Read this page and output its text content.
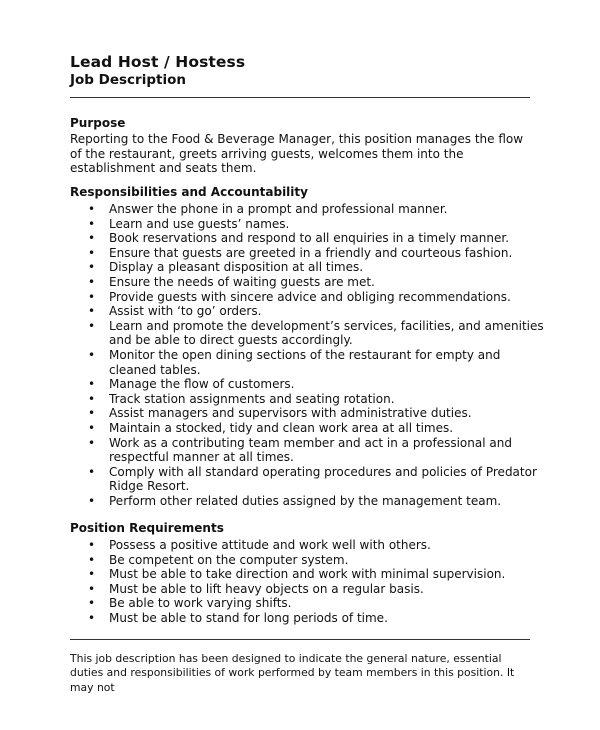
Lead Host / Hostess
Job Description
Purpose
Reporting to the Food & Beverage Manager, this position manages the flow of the restaurant, greets arriving guests, welcomes them into the establishment and seats them.
Responsibilities and Accountability
• Answer the phone in a prompt and professional manner.
• Learn and use guests’ names.
• Book reservations and respond to all enquiries in a timely manner.
• Ensure that guests are greeted in a friendly and courteous fashion.
• Display a pleasant disposition at all times.
• Ensure the needs of waiting guests are met.
• Provide guests with sincere advice and obliging recommendations.
• Assist with ‘to go’ orders.
• Learn and promote the development’s services, facilities, and amenities and be able to direct guests accordingly.
• Monitor the open dining sections of the restaurant for empty and cleaned tables.
• Manage the flow of customers.
• Track station assignments and seating rotation.
• Assist managers and supervisors with administrative duties.
• Maintain a stocked, tidy and clean work area at all times.
• Work as a contributing team member and act in a professional and respectful manner at all times.
• Comply with all standard operating procedures and policies of Predator Ridge Resort.
• Perform other related duties assigned by the management team.
Position Requirements
• Possess a positive attitude and work well with others.
• Be competent on the computer system.
• Must be able to take direction and work with minimal supervision.
• Must be able to lift heavy objects on a regular basis.
• Be able to work varying shifts.
• Must be able to stand for long periods of time.
This job description has been designed to indicate the general nature, essential duties and responsibilities of work performed by team members in this position. It may not
